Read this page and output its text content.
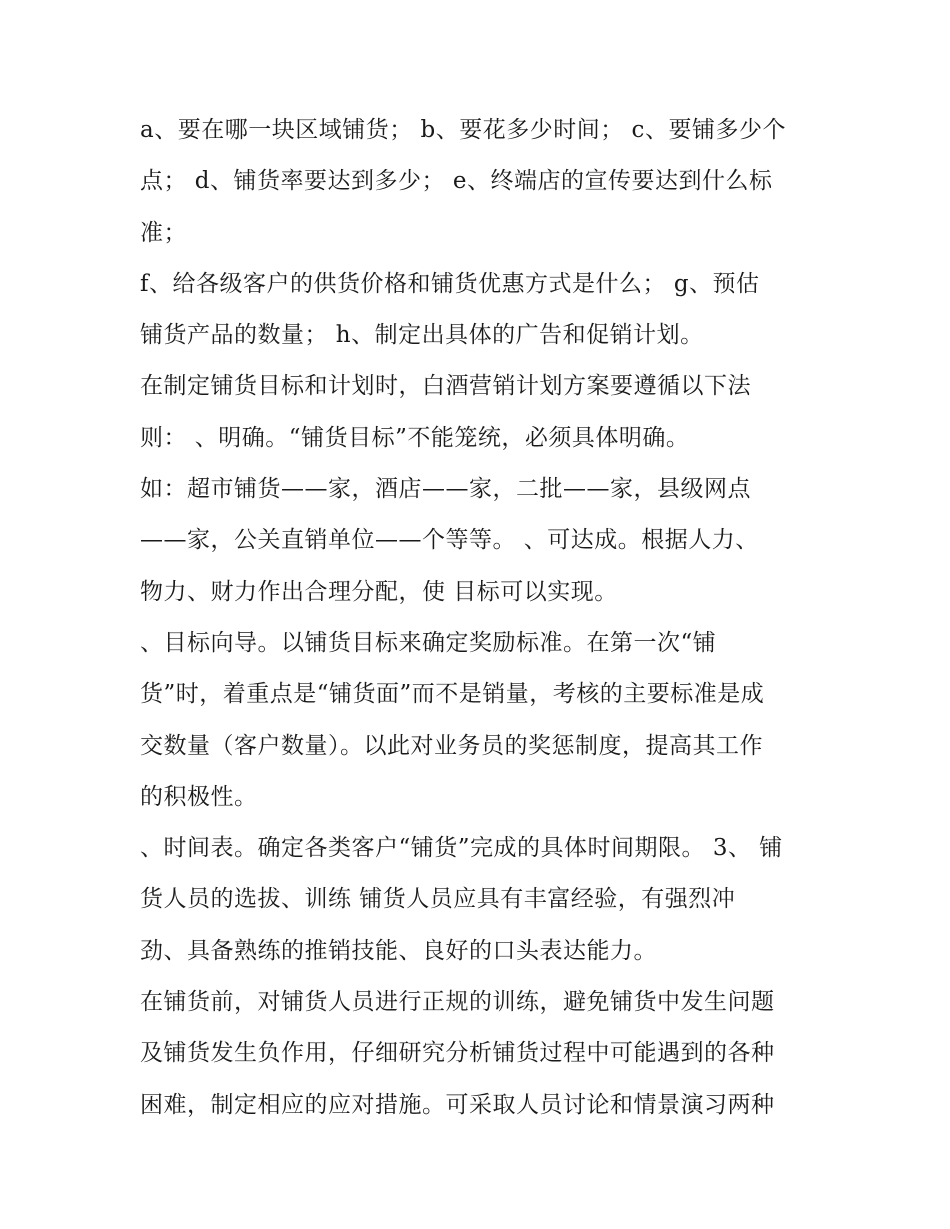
a、要在哪一块区域铺货； b、要花多少时间； c、要铺多少个
点； d、铺货率要达到多少； e、终端店的宣传要达到什么标
准；
f、给各级客户的供货价格和铺货优惠方式是什么； g、预估
铺货产品的数量； h、制定出具体的广告和促销计划。
在制定铺货目标和计划时，白酒营销计划方案要遵循以下法
则： 、明确。“铺货目标”不能笼统，必须具体明确。
如：超市铺货——家，酒店——家，二批——家，县级网点
——家，公关直销单位——个等等。 、可达成。根据人力、
物力、财力作出合理分配，使 目标可以实现。
、目标向导。以铺货目标来确定奖励标准。在第一次“铺
货”时，着重点是“铺货面”而不是销量，考核的主要标准是成
交数量（客户数量）。以此对业务员的奖惩制度，提高其工作
的积极性。
、时间表。确定各类客户“铺货”完成的具体时间期限。 3、 铺
货人员的选拔、训练 铺货人员应具有丰富经验，有强烈冲
劲、具备熟练的推销技能、良好的口头表达能力。
在铺货前，对铺货人员进行正规的训练，避免铺货中发生问题
及铺货发生负作用，仔细研究分析铺货过程中可能遇到的各种
困难，制定相应的应对措施。可采取人员讨论和情景演习两种
